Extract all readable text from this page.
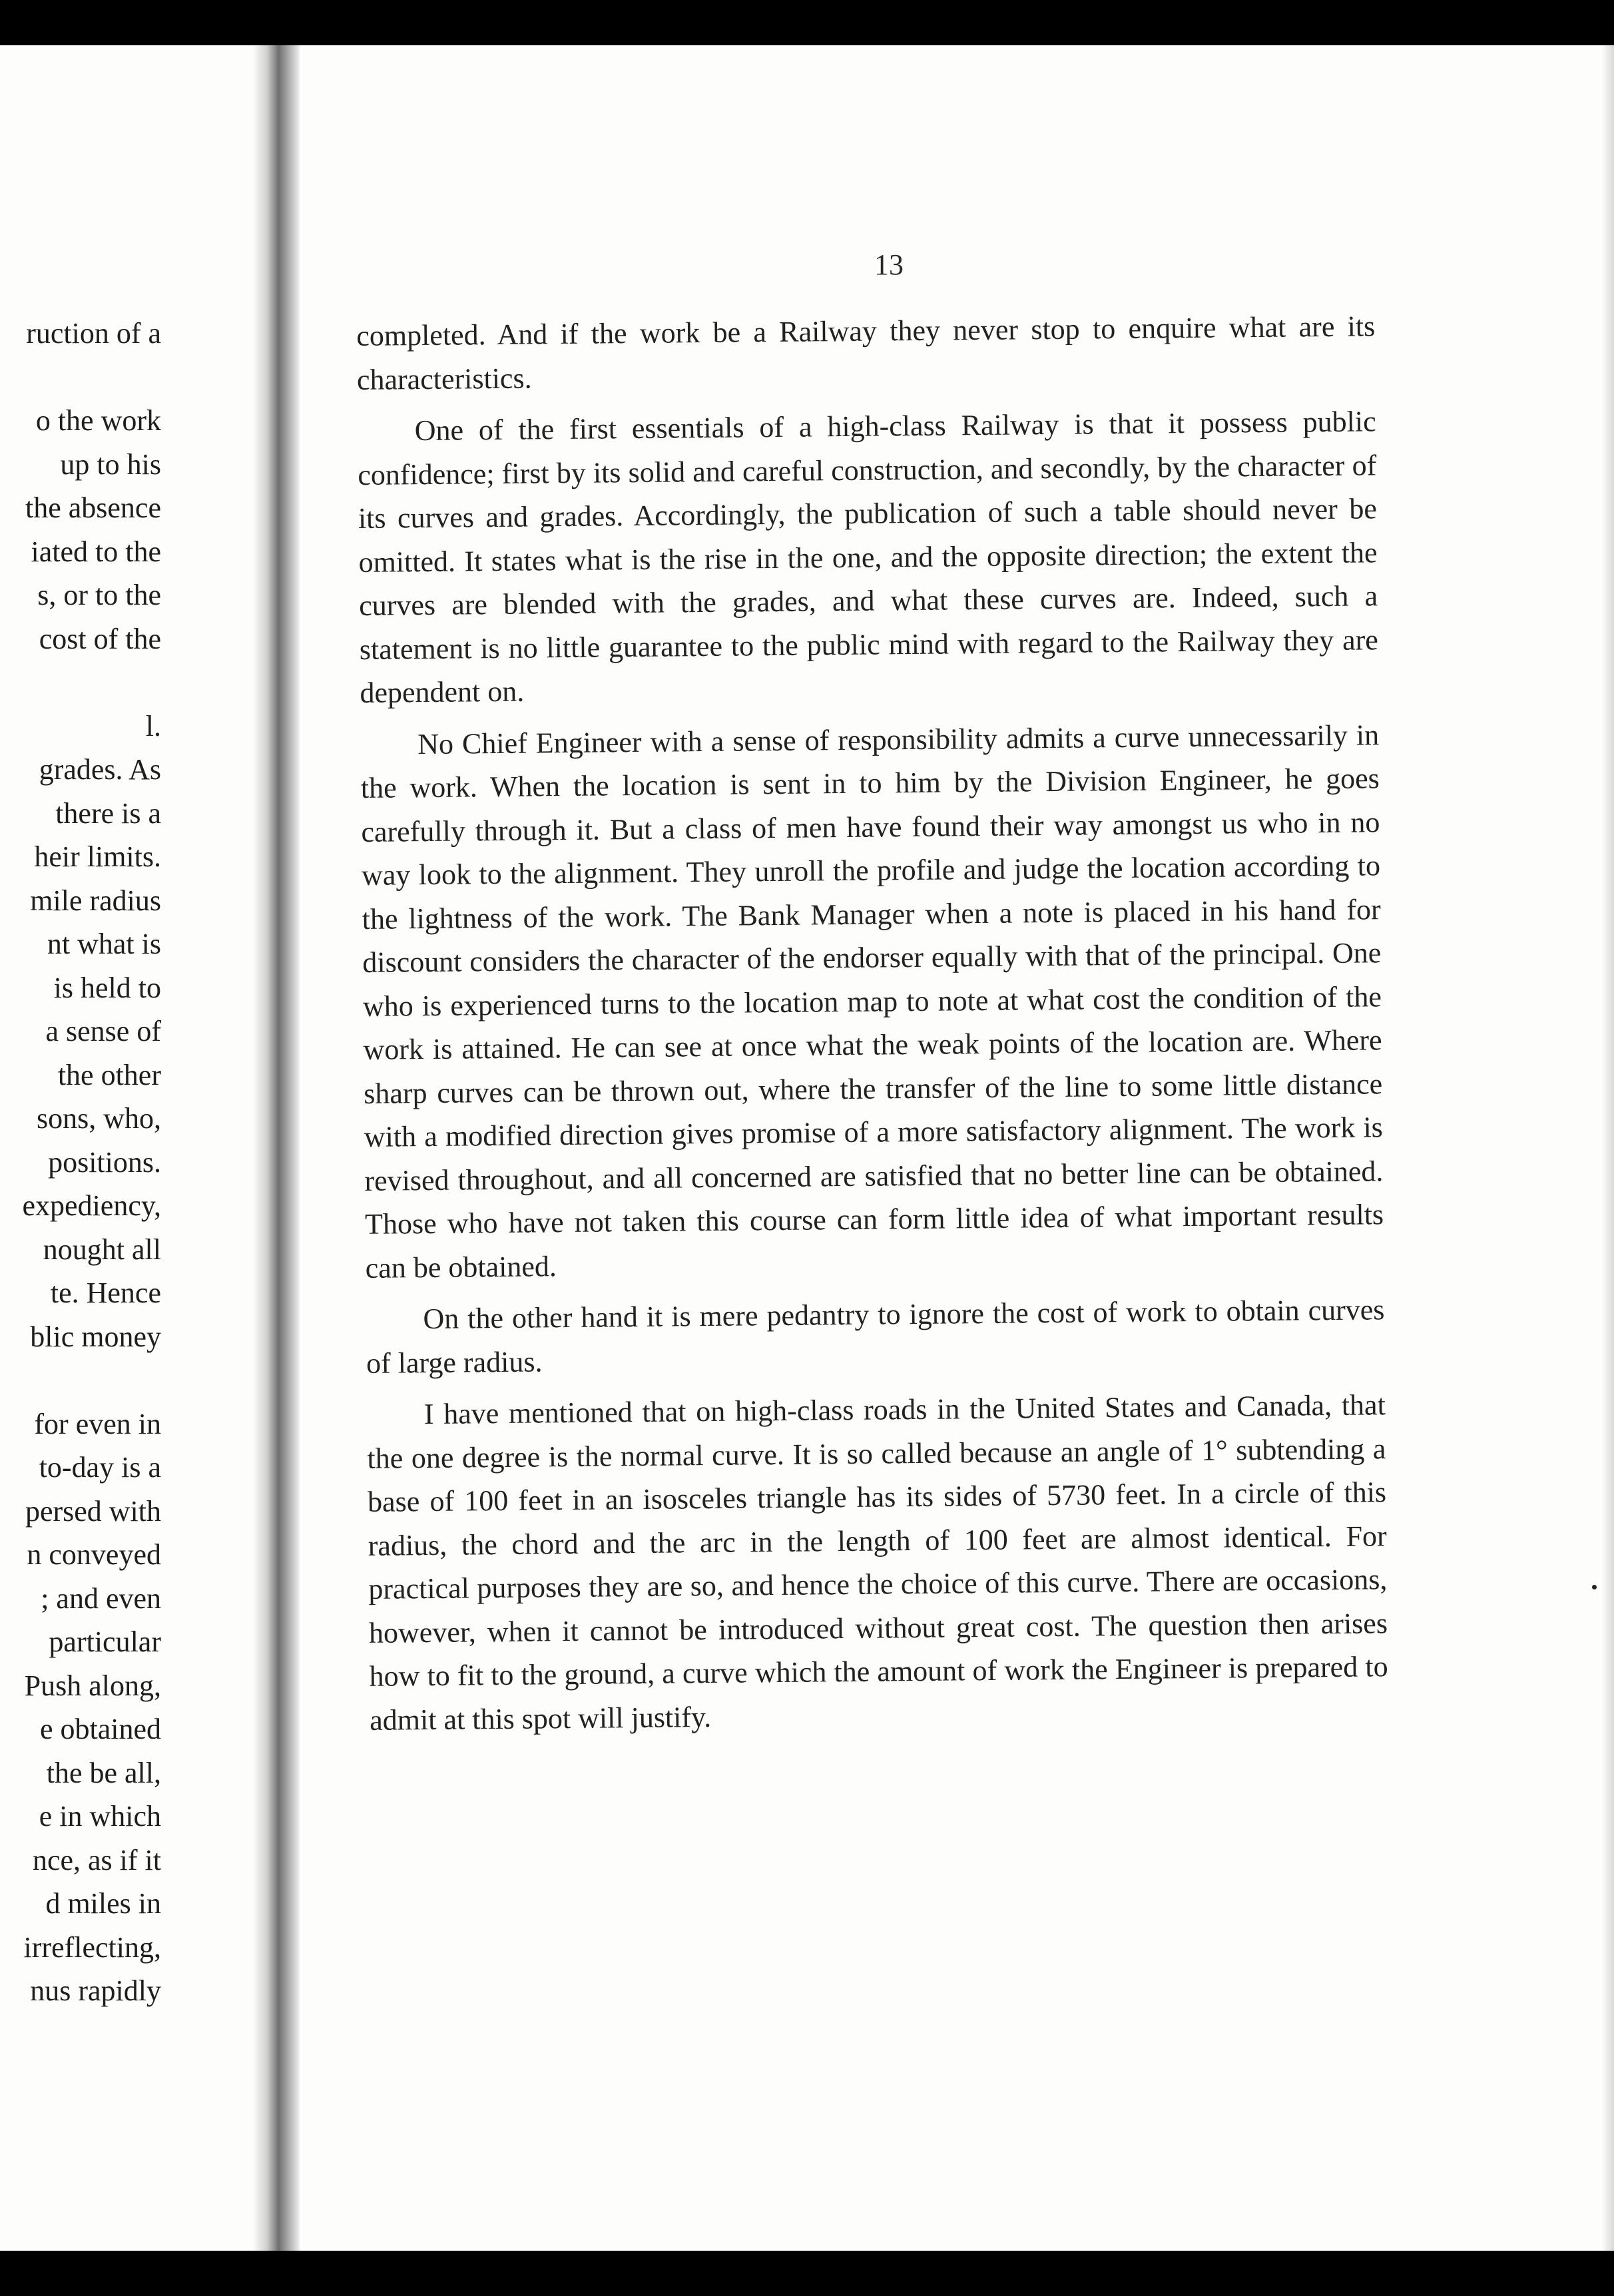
ruction of a
o the work
up to his
the absence
iated to the
s, or to the
cost of the
l.
grades. As
there is a
heir limits.
mile radius
nt what is
is held to
a sense of
the other
sons, who,
positions.
expediency,
nought all
te. Hence
blic money
for even in
to-day is a
persed with
n conveyed
; and even
particular
Push along,
e obtained
the be all,
e in which
nce, as if it
d miles in
irreflecting,
nus rapidly
13

completed. And if the work be a Railway they never stop to enquire what are its characteristics.

One of the first essentials of a high-class Railway is that it possess public confidence; first by its solid and careful construction, and secondly, by the character of its curves and grades. Accordingly, the publication of such a table should never be omitted. It states what is the rise in the one, and the opposite direction; the extent the curves are blended with the grades, and what these curves are. Indeed, such a statement is no little guarantee to the public mind with regard to the Railway they are dependent on.

No Chief Engineer with a sense of responsibility admits a curve unnecessarily in the work. When the location is sent in to him by the Division Engineer, he goes carefully through it. But a class of men have found their way amongst us who in no way look to the alignment. They unroll the profile and judge the location according to the lightness of the work. The Bank Manager when a note is placed in his hand for discount considers the character of the endorser equally with that of the principal. One who is experienced turns to the location map to note at what cost the condition of the work is attained. He can see at once what the weak points of the location are. Where sharp curves can be thrown out, where the transfer of the line to some little distance with a modified direction gives promise of a more satisfactory alignment. The work is revised throughout, and all concerned are satisfied that no better line can be obtained. Those who have not taken this course can form little idea of what important results can be obtained.

On the other hand it is mere pedantry to ignore the cost of work to obtain curves of large radius.

I have mentioned that on high-class roads in the United States and Canada, that the one degree is the normal curve. It is so called because an angle of 1° subtending a base of 100 feet in an isosceles triangle has its sides of 5730 feet. In a circle of this radius, the chord and the arc in the length of 100 feet are almost identical. For practical purposes they are so, and hence the choice of this curve. There are occasions, however, when it cannot be introduced without great cost. The question then arises how to fit to the ground, a curve which the amount of work the Engineer is prepared to admit at this spot will justify.
